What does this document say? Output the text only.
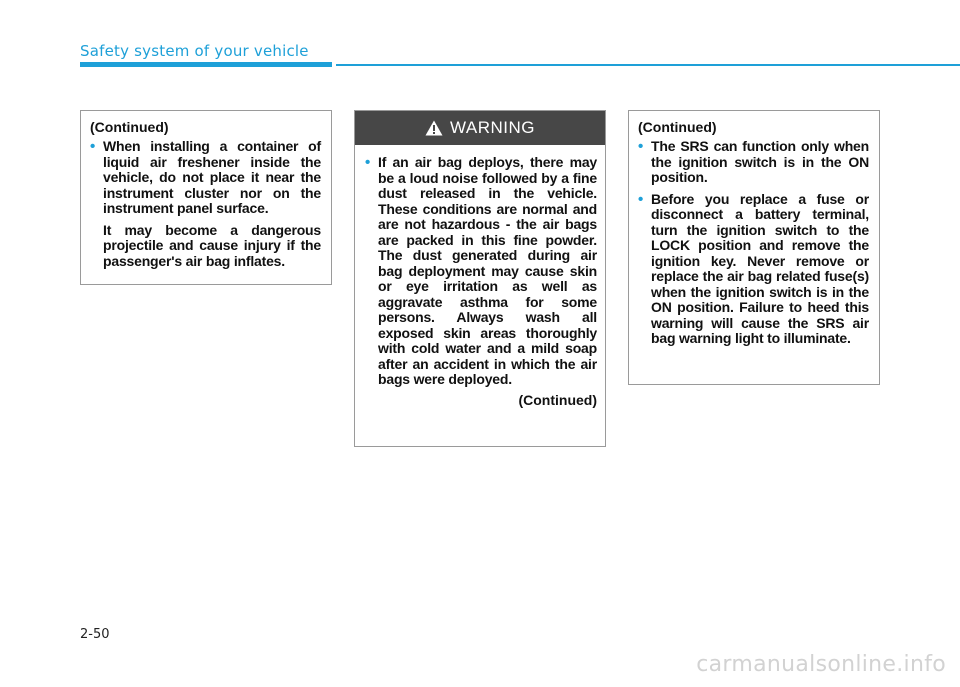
Safety system of your vehicle
(Continued)
• When installing a container of liquid air freshener inside the vehicle, do not place it near the instrument cluster nor on the instrument panel surface.
It may become a dangerous projectile and cause injury if the passenger's air bag inflates.
WARNING
• If an air bag deploys, there may be a loud noise followed by a fine dust released in the vehicle. These conditions are normal and are not hazardous - the air bags are packed in this fine powder. The dust generated during air bag deployment may cause skin or eye irritation as well as aggravate asthma for some persons. Always wash all exposed skin areas thoroughly with cold water and a mild soap after an accident in which the air bags were deployed.
(Continued)
(Continued)
• The SRS can function only when the ignition switch is in the ON position.
• Before you replace a fuse or disconnect a battery terminal, turn the ignition switch to the LOCK position and remove the ignition key. Never remove or replace the air bag related fuse(s) when the ignition switch is in the ON position. Failure to heed this warning will cause the SRS air bag warning light to illuminate.
2-50
carmanualsonline.info
